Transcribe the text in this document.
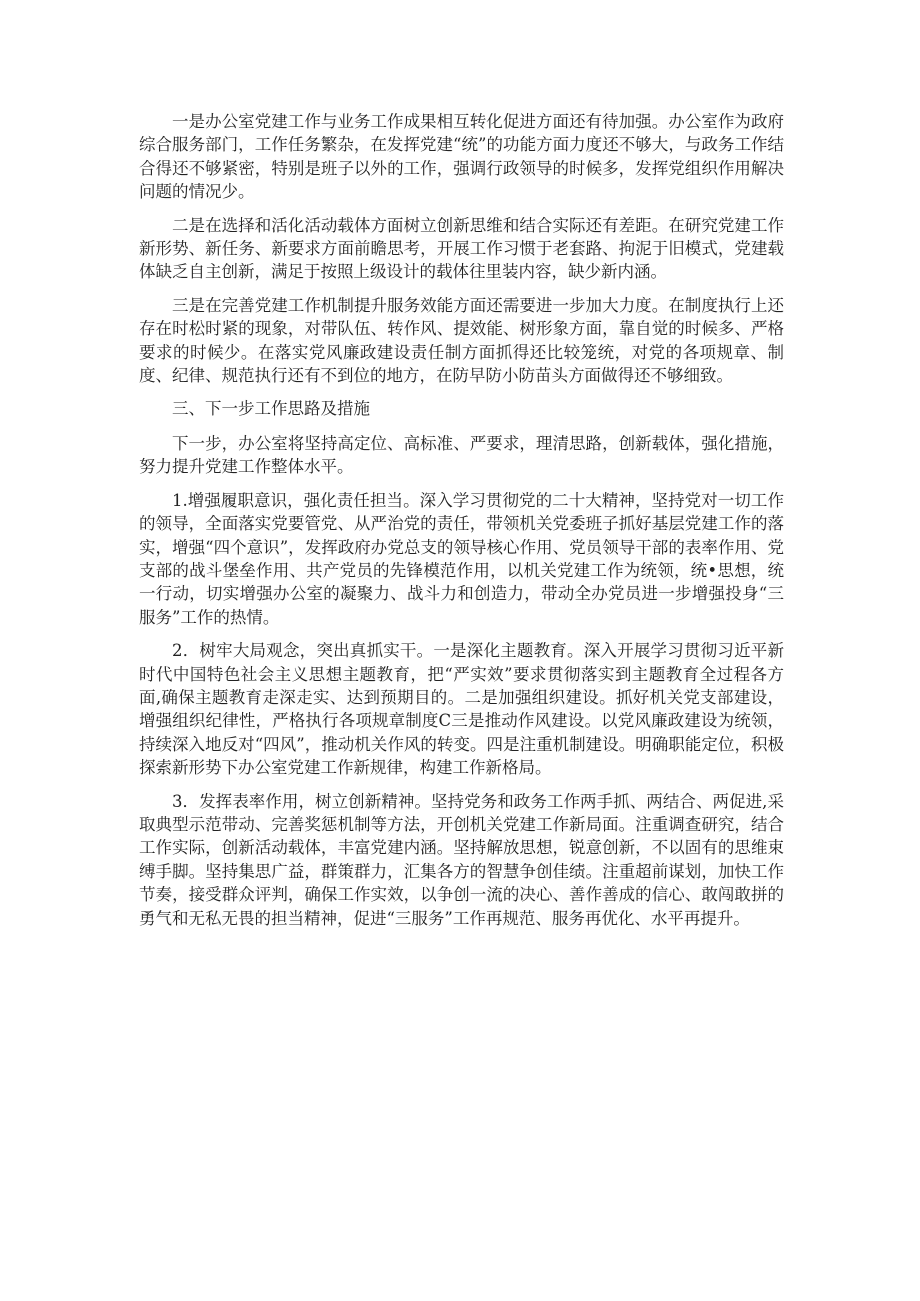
一是办公室党建工作与业务工作成果相互转化促进方面还有待加强。办公室作为政府综合服务部门，工作任务繁杂，在发挥党建“统”的功能方面力度还不够大，与政务工作结合得还不够紧密，特别是班子以外的工作，强调行政领导的时候多，发挥党组织作用解决问题的情况少。

二是在选择和活化活动载体方面树立创新思维和结合实际还有差距。在研究党建工作新形势、新任务、新要求方面前瞻思考，开展工作习惯于老套路、拘泥于旧模式，党建载体缺乏自主创新，满足于按照上级设计的载体往里装内容，缺少新内涵。

三是在完善党建工作机制提升服务效能方面还需要进一步加大力度。在制度执行上还存在时松时紧的现象，对带队伍、转作风、提效能、树形象方面，靠自觉的时候多、严格要求的时候少。在落实党风廉政建设责任制方面抓得还比较笼统，对党的各项规章、制度、纪律、规范执行还有不到位的地方，在防早防小防苗头方面做得还不够细致。

三、下一步工作思路及措施

下一步，办公室将坚持高定位、高标准、严要求，理清思路，创新载体，强化措施，努力提升党建工作整体水平。

1.增强履职意识，强化责任担当。深入学习贯彻党的二十大精神，坚持党对一切工作的领导，全面落实党要管党、从严治党的责任，带领机关党委班子抓好基层党建工作的落实，增强“四个意识”，发挥政府办党总支的领导核心作用、党员领导干部的表率作用、党支部的战斗堡垒作用、共产党员的先锋模范作用，以机关党建工作为统领，统•思想，统一行动，切实增强办公室的凝聚力、战斗力和创造力，带动全办党员进一步增强投身“三服务”工作的热情。

2．树牢大局观念，突出真抓实干。一是深化主题教育。深入开展学习贯彻习近平新时代中国特色社会主义思想主题教育，把“严实效”要求贯彻落实到主题教育全过程各方面,确保主题教育走深走实、达到预期目的。二是加强组织建设。抓好机关党支部建设，增强组织纪律性，严格执行各项规章制度C三是推动作风建设。以党风廉政建设为统领，持续深入地反对“四风”，推动机关作风的转变。四是注重机制建设。明确职能定位，积极探索新形势下办公室党建工作新规律，构建工作新格局。

3．发挥表率作用，树立创新精神。坚持党务和政务工作两手抓、两结合、两促进,采取典型示范带动、完善奖惩机制等方法，开创机关党建工作新局面。注重调查研究，结合工作实际，创新活动载体，丰富党建内涵。坚持解放思想，锐意创新，不以固有的思维束缚手脚。坚持集思广益，群策群力，汇集各方的智慧争创佳绩。注重超前谋划，加快工作节奏，接受群众评判，确保工作实效，以争创一流的决心、善作善成的信心、敢闯敢拼的勇气和无私无畏的担当精神，促进“三服务”工作再规范、服务再优化、水平再提升。
